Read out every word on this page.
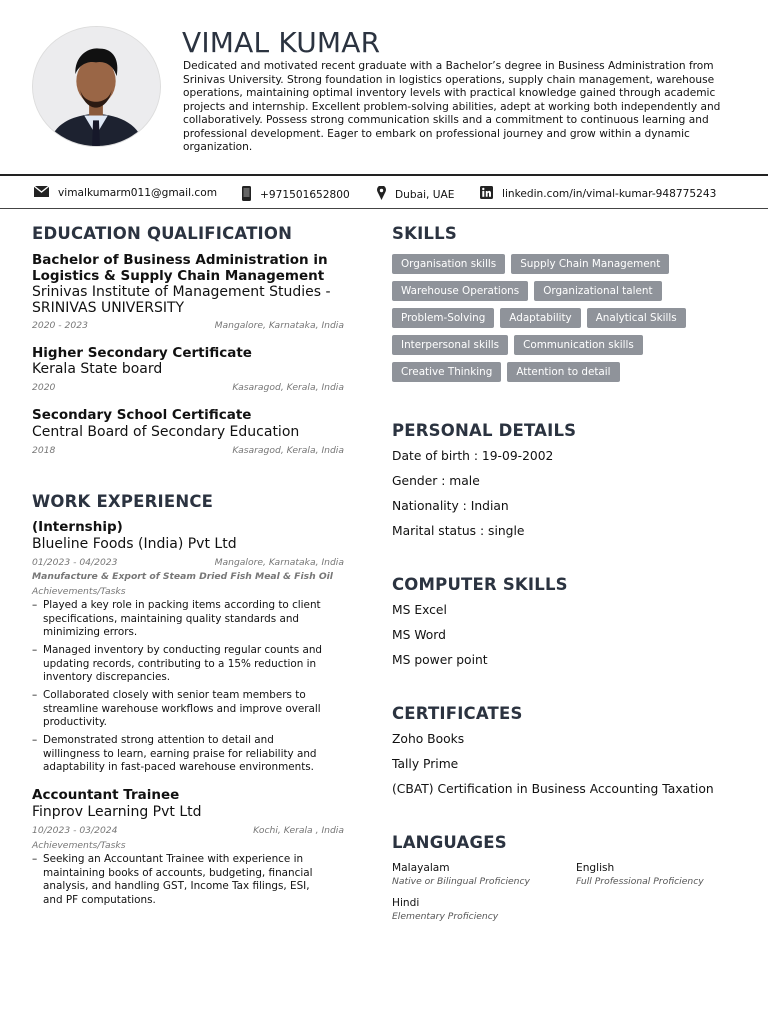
VIMAL KUMAR
Dedicated and motivated recent graduate with a Bachelor’s degree in Business Administration from Srinivas University. Strong foundation in logistics operations, supply chain management, warehouse operations, maintaining optimal inventory levels with practical knowledge gained through academic projects and internship. Excellent problem-solving abilities, adept at working both independently and collaboratively. Possess strong communication skills and a commitment to continuous learning and professional development. Eager to embark on professional journey and grow within a dynamic organization.
vimalkumarm011@gmail.com	+971501652800	Dubai, UAE	linkedin.com/in/vimal-kumar-948775243
EDUCATION QUALIFICATION
Bachelor of Business Administration in Logistics & Supply Chain Management
Srinivas Institute of Management Studies - SRINIVAS UNIVERSITY
2020 - 2023	Mangalore, Karnataka, India
Higher Secondary Certificate
Kerala State board
2020	Kasaragod, Kerala, India
Secondary School Certificate
Central Board of Secondary Education
2018	Kasaragod, Kerala, India
WORK EXPERIENCE
(Internship)
Blueline Foods (India) Pvt Ltd
01/2023 - 04/2023	Mangalore, Karnataka, India
Manufacture & Export of Steam Dried Fish Meal & Fish Oil
Achievements/Tasks
– Played a key role in packing items according to client specifications, maintaining quality standards and minimizing errors.
– Managed inventory by conducting regular counts and updating records, contributing to a 15% reduction in inventory discrepancies.
– Collaborated closely with senior team members to streamline warehouse workflows and improve overall productivity.
– Demonstrated strong attention to detail and willingness to learn, earning praise for reliability and adaptability in fast-paced warehouse environments.
Accountant Trainee
Finprov Learning Pvt Ltd
10/2023 - 03/2024	Kochi, Kerala , India
Achievements/Tasks
– Seeking an Accountant Trainee with experience in maintaining books of accounts, budgeting, financial analysis, and handling GST, Income Tax filings, ESI, and PF computations.
SKILLS
Organisation skills	Supply Chain Management
Warehouse Operations	Organizational talent
Problem-Solving	Adaptability	Analytical Skills
Interpersonal skills	Communication skills
Creative Thinking	Attention to detail
PERSONAL DETAILS
Date of birth : 19-09-2002
Gender : male
Nationality : Indian
Marital status : single
COMPUTER SKILLS
MS Excel
MS Word
MS power point
CERTIFICATES
Zoho Books
Tally Prime
(CBAT) Certification in Business Accounting Taxation
LANGUAGES
Malayalam
Native or Bilingual Proficiency
English
Full Professional Proficiency
Hindi
Elementary Proficiency
